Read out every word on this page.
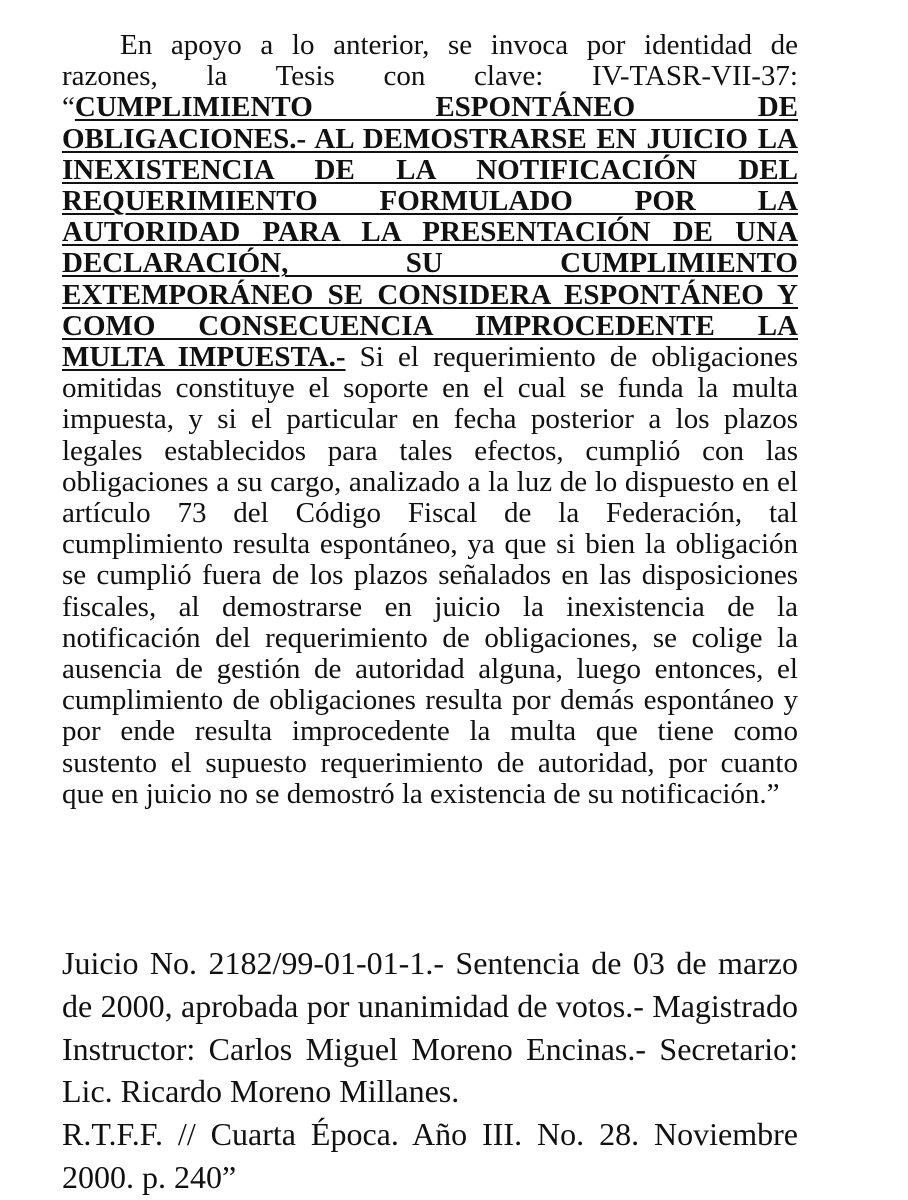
En apoyo a lo anterior, se invoca por identidad de razones, la Tesis con clave: IV-TASR-VII-37: “CUMPLIMIENTO ESPONTÁNEO DE OBLIGACIONES.- AL DEMOSTRARSE EN JUICIO LA INEXISTENCIA DE LA NOTIFICACIÓN DEL REQUERIMIENTO FORMULADO POR LA AUTORIDAD PARA LA PRESENTACIÓN DE UNA DECLARACIÓN, SU CUMPLIMIENTO EXTEMPORÁNEO SE CONSIDERA ESPONTÁNEO Y COMO CONSECUENCIA IMPROCEDENTE LA MULTA IMPUESTA.- Si el requerimiento de obligaciones omitidas constituye el soporte en el cual se funda la multa impuesta, y si el particular en fecha posterior a los plazos legales establecidos para tales efectos, cumplió con las obligaciones a su cargo, analizado a la luz de lo dispuesto en el artículo 73 del Código Fiscal de la Federación, tal cumplimiento resulta espontáneo, ya que si bien la obligación se cumplió fuera de los plazos señalados en las disposiciones fiscales, al demostrarse en juicio la inexistencia de la notificación del requerimiento de obligaciones, se colige la ausencia de gestión de autoridad alguna, luego entonces, el cumplimiento de obligaciones resulta por demás espontáneo y por ende resulta improcedente la multa que tiene como sustento el supuesto requerimiento de autoridad, por cuanto que en juicio no se demostró la existencia de su notificación.”

Juicio No. 2182/99-01-01-1.- Sentencia de 03 de marzo de 2000, aprobada por unanimidad de votos.- Magistrado Instructor: Carlos Miguel Moreno Encinas.- Secretario: Lic. Ricardo Moreno Millanes.

R.T.F.F. // Cuarta Época. Año III. No. 28. Noviembre 2000. p. 240”
